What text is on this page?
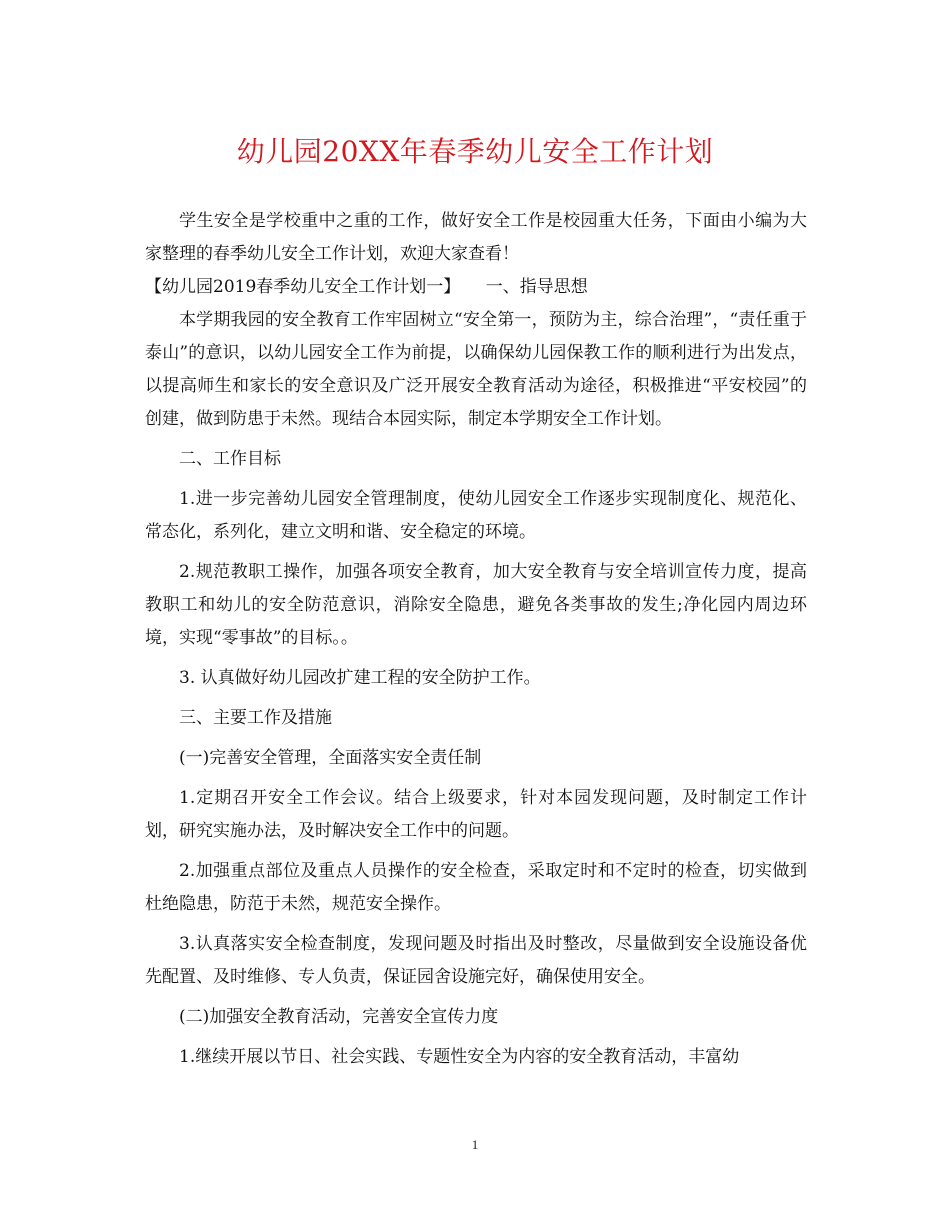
幼儿园20XX年春季幼儿安全工作计划

学生安全是学校重中之重的工作，做好安全工作是校园重大任务，下面由小编为大家整理的春季幼儿安全工作计划，欢迎大家查看！

【幼儿园2019春季幼儿安全工作计划一】　　一、指导思想

本学期我园的安全教育工作牢固树立“安全第一，预防为主，综合治理”，“责任重于泰山”的意识，以幼儿园安全工作为前提，以确保幼儿园保教工作的顺利进行为出发点，以提高师生和家长的安全意识及广泛开展安全教育活动为途径，积极推进“平安校园”的创建，做到防患于未然。现结合本园实际，制定本学期安全工作计划。

二、工作目标

1.进一步完善幼儿园安全管理制度，使幼儿园安全工作逐步实现制度化、规范化、常态化，系列化，建立文明和谐、安全稳定的环境。

2.规范教职工操作，加强各项安全教育，加大安全教育与安全培训宣传力度，提高教职工和幼儿的安全防范意识，消除安全隐患，避免各类事故的发生;净化园内周边环境，实现“零事故”的目标。。

3. 认真做好幼儿园改扩建工程的安全防护工作。

三、主要工作及措施

(一)完善安全管理，全面落实安全责任制

1.定期召开安全工作会议。结合上级要求，针对本园发现问题，及时制定工作计划，研究实施办法，及时解决安全工作中的问题。

2.加强重点部位及重点人员操作的安全检查，采取定时和不定时的检查，切实做到杜绝隐患，防范于未然，规范安全操作。

3.认真落实安全检查制度，发现问题及时指出及时整改，尽量做到安全设施设备优先配置、及时维修、专人负责，保证园舍设施完好，确保使用安全。

(二)加强安全教育活动，完善安全宣传力度

1.继续开展以节日、社会实践、专题性安全为内容的安全教育活动，丰富幼

1
